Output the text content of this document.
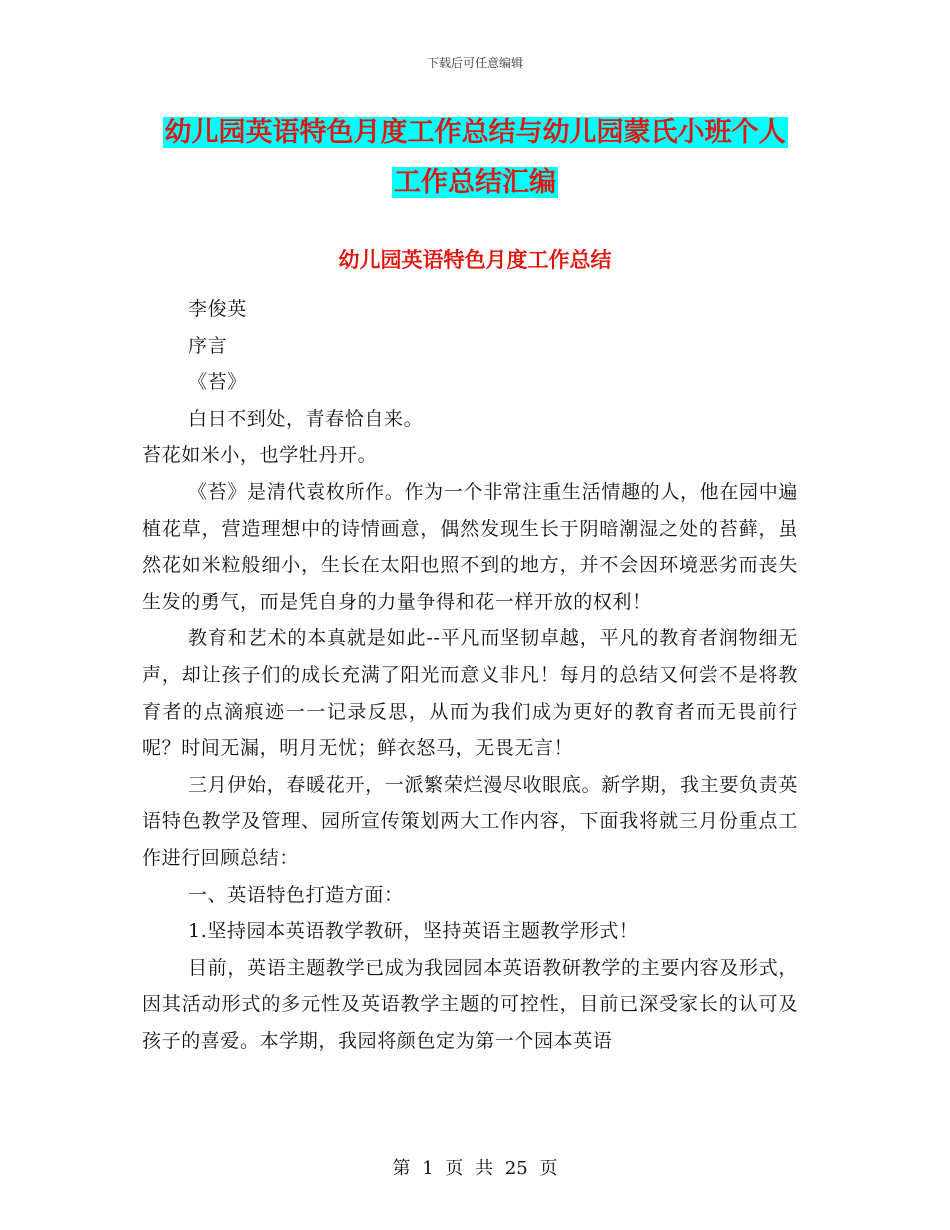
下载后可任意编辑
幼儿园英语特色月度工作总结与幼儿园蒙氏小班个人
工作总结汇编
幼儿园英语特色月度工作总结

李俊英

序言

《苔》

白日不到处，青春恰自来。

苔花如米小，也学牡丹开。

《苔》是清代袁枚所作。作为一个非常注重生活情趣的人，他在园中遍植花草，营造理想中的诗情画意，偶然发现生长于阴暗潮湿之处的苔藓，虽然花如米粒般细小，生长在太阳也照不到的地方，并不会因环境恶劣而丧失生发的勇气，而是凭自身的力量争得和花一样开放的权利！

教育和艺术的本真就是如此--平凡而坚韧卓越，平凡的教育者润物细无声，却让孩子们的成长充满了阳光而意义非凡！每月的总结又何尝不是将教育者的点滴痕迹一一记录反思，从而为我们成为更好的教育者而无畏前行呢？时间无漏，明月无忧；鲜衣怒马，无畏无言！

三月伊始，春暖花开，一派繁荣烂漫尽收眼底。新学期，我主要负责英语特色教学及管理、园所宣传策划两大工作内容，下面我将就三月份重点工作进行回顾总结：

一、英语特色打造方面：

1.坚持园本英语教学教研，坚持英语主题教学形式！

目前，英语主题教学已成为我园园本英语教研教学的主要内容及形式，因其活动形式的多元性及英语教学主题的可控性，目前已深受家长的认可及孩子的喜爱。本学期，我园将颜色定为第一个园本英语

第 1 页 共 25 页
